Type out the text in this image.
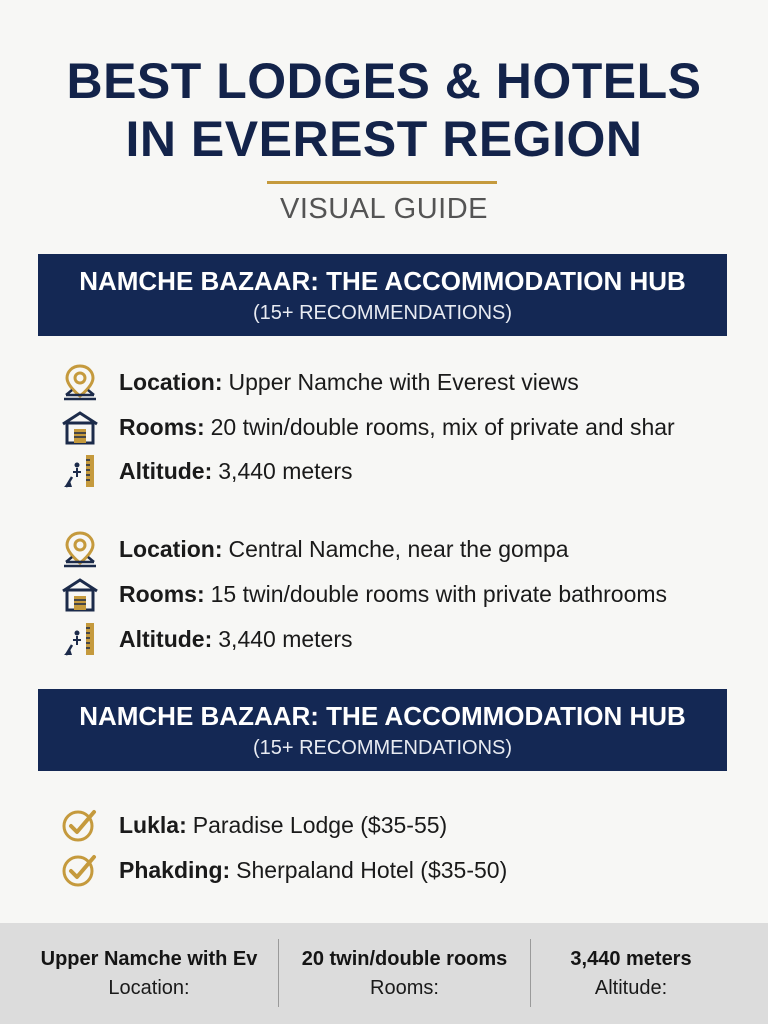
BEST LODGES & HOTELS
IN EVEREST REGION
VISUAL GUIDE
NAMCHE BAZAAR: THE ACCOMMODATION HUB
(15+ RECOMMENDATIONS)
Location: Upper Namche with Everest views
Rooms: 20 twin/double rooms, mix of private and shar
Altitude: 3,440 meters
Location: Central Namche, near the gompa
Rooms: 15 twin/double rooms with private bathrooms
Altitude: 3,440 meters
NAMCHE BAZAAR: THE ACCOMMODATION HUB
(15+ RECOMMENDATIONS)
Lukla: Paradise Lodge ($35-55)
Phakding: Sherpaland Hotel ($35-50)
Upper Namche with Ev
Location:
20 twin/double rooms
Rooms:
3,440 meters
Altitude:
